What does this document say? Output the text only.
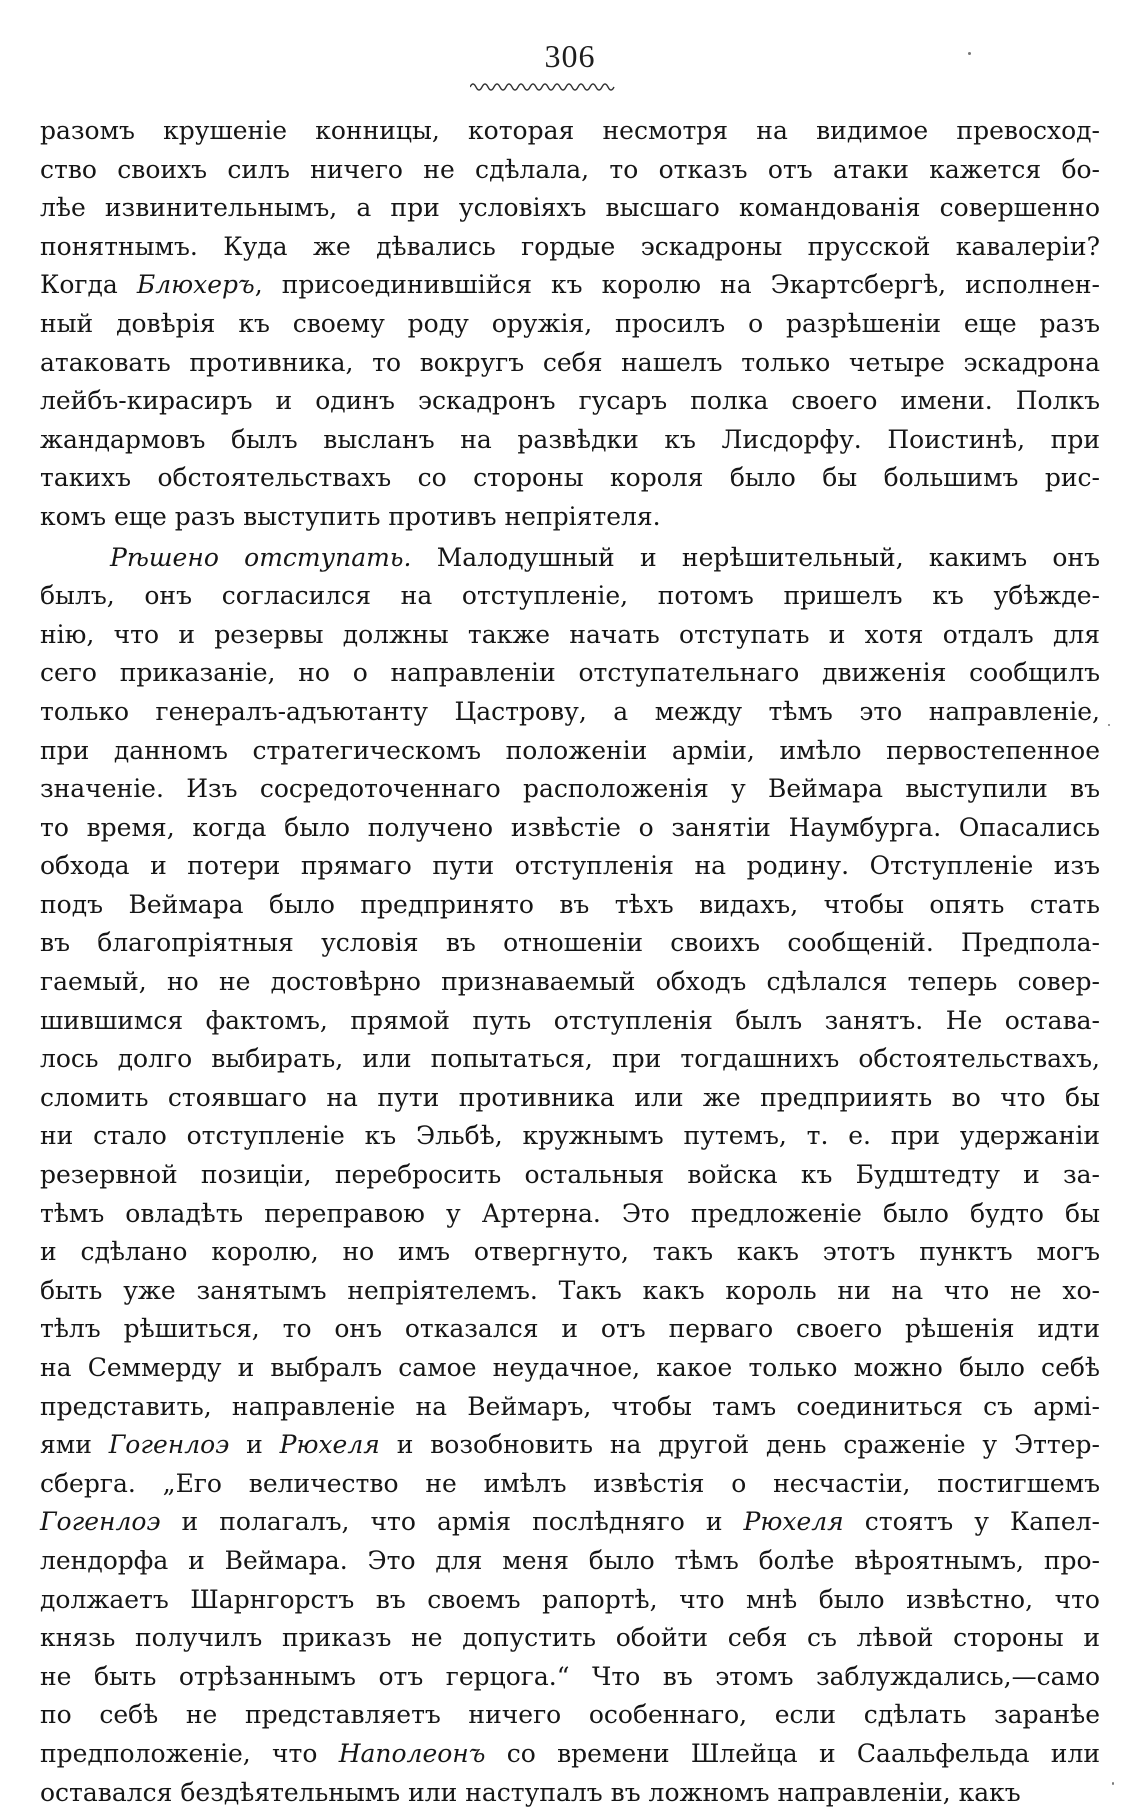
306
разомъ крушеніе конницы, которая несмотря на видимое превосход-
ство своихъ силъ ничего не сдѣлала, то отказъ отъ атаки кажется бо-
лѣе извинительнымъ, а при условіяхъ высшаго командованія совершенно
понятнымъ. Куда же дѣвались гордые эскадроны прусской кавалеріи?
Когда Блюхеръ, присоединившійся къ королю на Экартсбергѣ, исполнен-
ный довѣрія къ своему роду оружія, просилъ о разрѣшеніи еще разъ
атаковать противника, то вокругъ себя нашелъ только четыре эскадрона
лейбъ-кирасиръ и одинъ эскадронъ гусаръ полка своего имени. Полкъ
жандармовъ былъ высланъ на развѣдки къ Лисдорфу. Поистинѣ, при
такихъ обстоятельствахъ со стороны короля было бы большимъ рис-
комъ еще разъ выступить противъ непріятеля.
Рѣшено отступать. Малодушный и нерѣшительный, какимъ онъ
былъ, онъ согласился на отступленіе, потомъ пришелъ къ убѣжде-
нію, что и резервы должны также начать отступать и хотя отдалъ для
сего приказаніе, но о направленіи отступательнаго движенія сообщилъ
только генералъ-адъютанту Цастрову, а между тѣмъ это направленіе,
при данномъ стратегическомъ положеніи арміи, имѣло первостепенное
значеніе. Изъ сосредоточеннаго расположенія у Веймара выступили въ
то время, когда было получено извѣстіе о занятіи Наумбурга. Опасались
обхода и потери прямаго пути отступленія на родину. Отступленіе изъ
подъ Веймара было предпринято въ тѣхъ видахъ, чтобы опять стать
въ благопріятныя условія въ отношеніи своихъ сообщеній. Предпола-
гаемый, но не достовѣрно признаваемый обходъ сдѣлался теперь совер-
шившимся фактомъ, прямой путь отступленія былъ занятъ. Не остава-
лось долго выбирать, или попытаться, при тогдашнихъ обстоятельствахъ,
сломить стоявшаго на пути противника или же предприиять во что бы
ни стало отступленіе къ Эльбѣ, кружнымъ путемъ, т. е. при удержаніи
резервной позиціи, перебросить остальныя войска къ Будштедту и за-
тѣмъ овладѣть переправою у Артерна. Это предложеніе было будто бы
и сдѣлано королю, но имъ отвергнуто, такъ какъ этотъ пунктъ могъ
быть уже занятымъ непріятелемъ. Такъ какъ король ни на что не хо-
тѣлъ рѣшиться, то онъ отказался и отъ перваго своего рѣшенія идти
на Семмерду и выбралъ самое неудачное, какое только можно было себѣ
представить, направленіе на Веймаръ, чтобы тамъ соединиться съ армі-
ями Гогенлоэ и Рюхеля и возобновить на другой день сраженіе у Эттер-
сберга. „Его величество не имѣлъ извѣстія о несчастіи, постигшемъ
Гогенлоэ и полагалъ, что армія послѣдняго и Рюхеля стоятъ у Капел-
лендорфа и Веймара. Это для меня было тѣмъ болѣе вѣроятнымъ, про-
должаетъ Шарнгорстъ въ своемъ рапортѣ, что мнѣ было извѣстно, что
князь получилъ приказъ не допустить обойти себя съ лѣвой стороны и
не быть отрѣзаннымъ отъ герцога.“ Что въ этомъ заблуждались,—само
по себѣ не представляетъ ничего особеннаго, если сдѣлать заранѣе
предположеніе, что Наполеонъ со времени Шлейца и Саальфельда или
оставался бездѣятельнымъ или наступалъ въ ложномъ направленіи, какъ
